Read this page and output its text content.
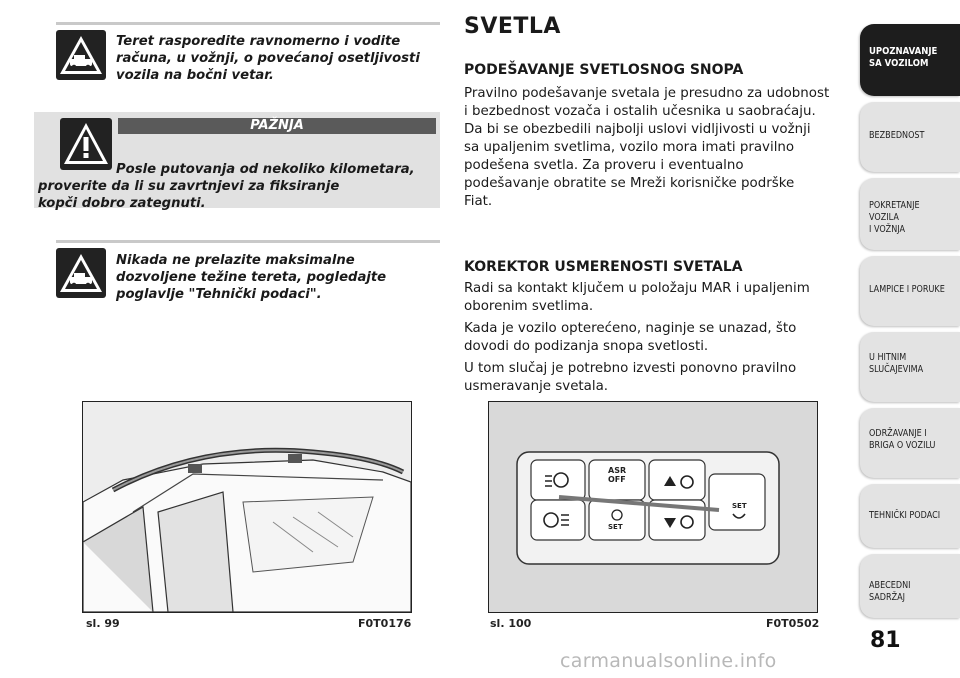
Teret rasporedite ravnomerno i vodite
računa, u vožnji, o povećanoj osetljivosti
vozila na bočni vetar.
PAŽNJA

Posle putovanja od nekoliko kilometara,
proverite da li su zavrtnjevi za fiksiranje
kopči dobro zategnuti.

Nikada ne prelazite maksimalne
dozvoljene težine tereta, pogledajte
poglavlje "Tehnički podaci".
sl. 99	F0T0176
SVETLA
PODEŠAVANJE SVETLOSNOG SNOPA
Pravilno podešavanje svetala je presudno za udobnost
i bezbednost vozača i ostalih učesnika u saobraćaju.
Da bi se obezbedili najbolji uslovi vidljivosti u vožnji
sa upaljenim svetlima, vozilo mora imati pravilno
podešena svetla. Za proveru i eventualno
podešavanje obratite se Mreži korisničke podrške
Fiat.
KOREKTOR USMERENOSTI SVETALA
Radi sa kontakt ključem u položaju MAR i upaljenim
oborenim svetlima.
Kada je vozilo opterećeno, naginje se unazad, što
dovodi do podizanja snopa svetlosti.
U tom slučaj je potrebno izvesti ponovno pravilno
usmeravanje svetala.
ASR
OFF
SET
SET
sl. 100	F0T0502
UPOZNAVANJE
SA VOZILOM
BEZBEDNOST
POKRETANJE VOZILA
I VOŽNJA
LAMPICE I PORUKE
U HITNIM
SLUČAJEVIMA
ODRŽAVANJE I
BRIGA O VOZILU
TEHNIČKI PODACI
ABECEDNI SADRŽAJ
81
carmanualsonline.info
